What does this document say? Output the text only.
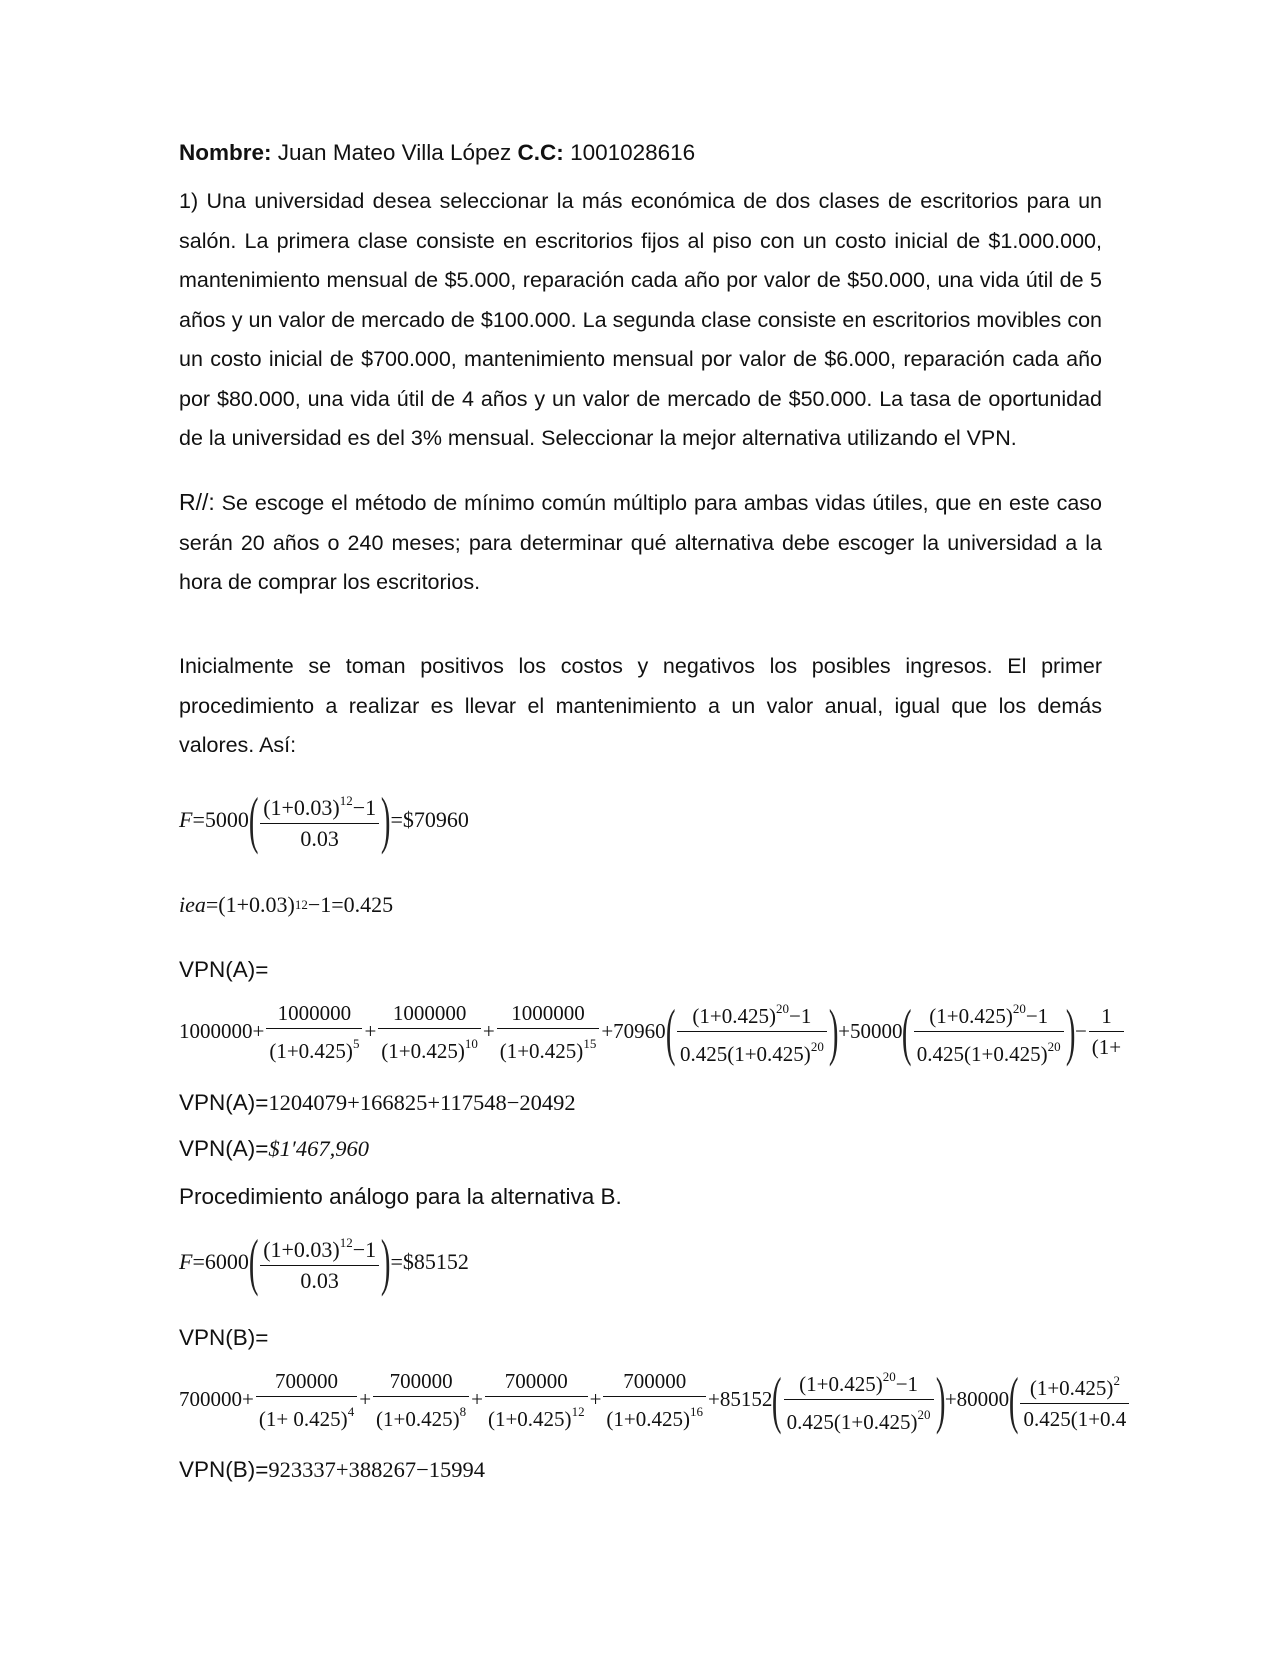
Nombre: Juan Mateo Villa López C.C: 1001028616

1) Una universidad desea seleccionar la más económica de dos clases de escritorios para un salón. La primera clase consiste en escritorios fijos al piso con un costo inicial de $1.000.000, mantenimiento mensual de $5.000, reparación cada año por valor de $50.000, una vida útil de 5 años y un valor de mercado de $100.000. La segunda clase consiste en escritorios movibles con un costo inicial de $700.000, mantenimiento mensual por valor de $6.000, reparación cada año por $80.000, una vida útil de 4 años y un valor de mercado de $50.000. La tasa de oportunidad de la universidad es del 3% mensual. Seleccionar la mejor alternativa utilizando el VPN.

R//: Se escoge el método de mínimo común múltiplo para ambas vidas útiles, que en este caso serán 20 años o 240 meses; para determinar qué alternativa debe escoger la universidad a la hora de comprar los escritorios.

Inicialmente se toman positivos los costos y negativos los posibles ingresos. El primer procedimiento a realizar es llevar el mantenimiento a un valor anual, igual que los demás valores. Así:

F =5000 ( $\frac{(1+0.03)^{12}-1}{0.03}$ ) =$70960
iea =(1+0.03) 12 −1=0.425
VPN(A)=
$1000000+ \frac{1000000}{(1+0.425)^5} + \frac{1000000}{(1+0.425)^{10}} + \frac{1000000}{(1+0.425)^{15}} +70960$ ( $\frac{(1+0.425)^{20}-1}{0.425(1+0.425)^{20}}$ ) +50000 ( $\frac{(1+0.425)^{20}-1}{0.425(1+0.425)^{20}}$ ) − $\frac{1}{(1+}$
VPN(A)=1204079+166825+117548−20492
VPN(A)=$1′467,960
Procedimiento análogo para la alternativa B.
F =6000 ( $\frac{(1+0.03)^{12}-1}{0.03}$ ) =$85152
VPN(B)=
$700000+ \frac{700000}{(1+ 0.425)^4} + \frac{700000}{(1+0.425)^8} + \frac{700000}{(1+0.425)^{12}} + \frac{700000}{(1+0.425)^{16}} +85152$ ( $\frac{(1+0.425)^{20}-1}{0.425(1+0.425)^{20}}$ ) +80000 ( $\frac{(1+0.425)^2}{0.425(1+0.4}$
VPN(B)=923337+388267−15994
